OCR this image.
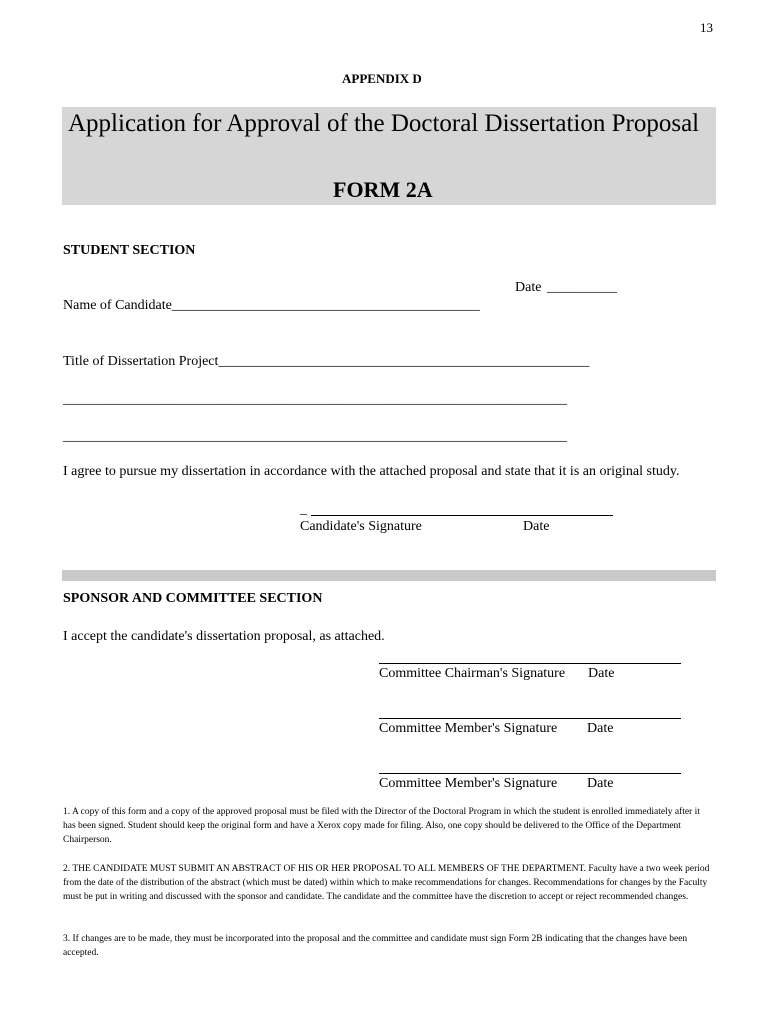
13
APPENDIX D
Application for Approval of the Doctoral Dissertation Proposal
FORM 2A
STUDENT SECTION
Date __________
Name of Candidate____________________________________________
Title of Dissertation Project_____________________________________________________
________________________________________________________________________
________________________________________________________________________
I agree to pursue my dissertation in accordance with the attached proposal and state that it is an original study.
_
Candidate's Signature	Date
SPONSOR AND COMMITTEE SECTION
I accept the candidate's dissertation proposal, as attached.
Committee Chairman's Signature Date
Committee Member's Signature Date
Committee Member's Signature Date
1. A copy of this form and a copy of the approved proposal must be filed with the Director of the Doctoral Program in which the student is enrolled immediately after it has been signed. Student should keep the original form and have a Xerox copy made for filing. Also, one copy should be delivered to the Office of the Department Chairperson.
2. THE CANDIDATE MUST SUBMIT AN ABSTRACT OF HIS OR HER PROPOSAL TO ALL MEMBERS OF THE DEPARTMENT. Faculty have a two week period from the date of the distribution of the abstract (which must be dated) within which to make recommendations for changes. Recommendations for changes by the Faculty must be put in writing and discussed with the sponsor and candidate. The candidate and the committee have the discretion to accept or reject recommended changes.
3. If changes are to be made, they must be incorporated into the proposal and the committee and candidate must sign Form 2B indicating that the changes have been accepted.
